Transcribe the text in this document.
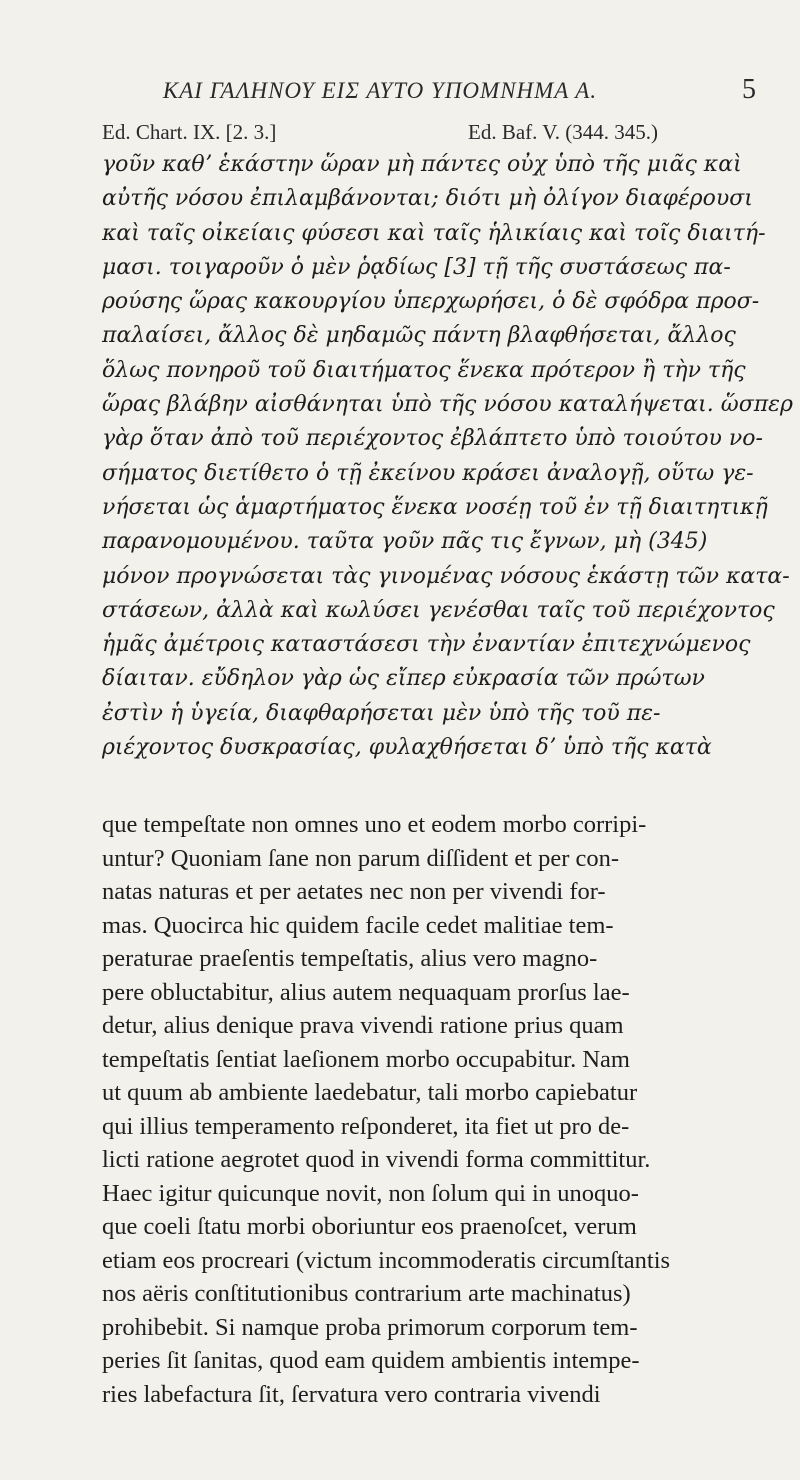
ΚΑΙ ΓΑΛΗΝΟΥ ΕΙΣ ΑΥΤΟ ΥΠΟΜΝΗΜΑ Α.	5
Ed. Chart. IX. [2. 3.]	Ed. Baf. V. (344. 345.)
γοῦν καθʼ ἑκάστην ὥραν μὴ πάντες οὐχ ὑπὸ τῆς μιᾶς καὶ
αὐτῆς νόσου ἐπιλαμβάνονται; διότι μὴ ὀλίγον διαφέρουσι
καὶ ταῖς οἰκείαις φύσεσι καὶ ταῖς ἡλικίαις καὶ τοῖς διαιτή-
μασι. τοιγαροῦν ὁ μὲν ῥᾳδίως [3] τῇ τῆς συστάσεως πα-
ρούσης ὥρας κακουργίου ὑπερχωρήσει, ὁ δὲ σφόδρα προσ-
παλαίσει, ἄλλος δὲ μηδαμῶς πάντη βλαφθήσεται, ἄλλος
ὅλως πονηροῦ τοῦ διαιτήματος ἕνεκα πρότερον ἢ τὴν τῆς
ὥρας βλάβην αἰσθάνηται ὑπὸ τῆς νόσου καταλήψεται. ὥσπερ
γὰρ ὅταν ἀπὸ τοῦ περιέχοντος ἐβλάπτετο ὑπὸ τοιούτου νο-
σήματος διετίθετο ὁ τῇ ἐκείνου κράσει ἀναλογῇ, οὕτω γε-
νήσεται ὡς ἁμαρτήματος ἕνεκα νοσέῃ τοῦ ἐν τῇ διαιτητικῇ
παρανομουμένου. ταῦτα γοῦν πᾶς τις ἔγνων, μὴ (345)
μόνον προγνώσεται τὰς γινομένας νόσους ἑκάστῃ τῶν κατα-
στάσεων, ἀλλὰ καὶ κωλύσει γενέσθαι ταῖς τοῦ περιέχοντος
ἡμᾶς ἀμέτροις καταστάσεσι τὴν ἐναντίαν ἐπιτεχνώμενος
δίαιταν. εὔδηλον γὰρ ὡς εἴπερ εὐκρασία τῶν πρώτων
ἐστὶν ἡ ὑγεία, διαφθαρήσεται μὲν ὑπὸ τῆς τοῦ πε-
ριέχοντος δυσκρασίας, φυλαχθήσεται δʼ ὑπὸ τῆς κατὰ
que tempeſtate non omnes uno et eodem morbo corripi-
untur? Quoniam ſane non parum diſſident et per con-
natas naturas et per aetates nec non per vivendi for-
mas. Quocirca hic quidem facile cedet malitiae tem-
peraturae praeſentis tempeſtatis, alius vero magno-
pere obluctabitur, alius autem nequaquam prorſus lae-
detur, alius denique prava vivendi ratione prius quam
tempeſtatis ſentiat laeſionem morbo occupabitur. Nam
ut quum ab ambiente laedebatur, tali morbo capiebatur
qui illius temperamento reſponderet, ita fiet ut pro de-
licti ratione aegrotet quod in vivendi forma committitur.
Haec igitur quicunque novit, non ſolum qui in unoquo-
que coeli ſtatu morbi oboriuntur eos praenoſcet, verum
etiam eos procreari (victum incommoderatis circumſtantis
nos aëris conſtitutionibus contrarium arte machinatus)
prohibebit. Si namque proba primorum corporum tem-
peries ſit ſanitas, quod eam quidem ambientis intempe-
ries labefactura ſit, ſervatura vero contraria vivendi
